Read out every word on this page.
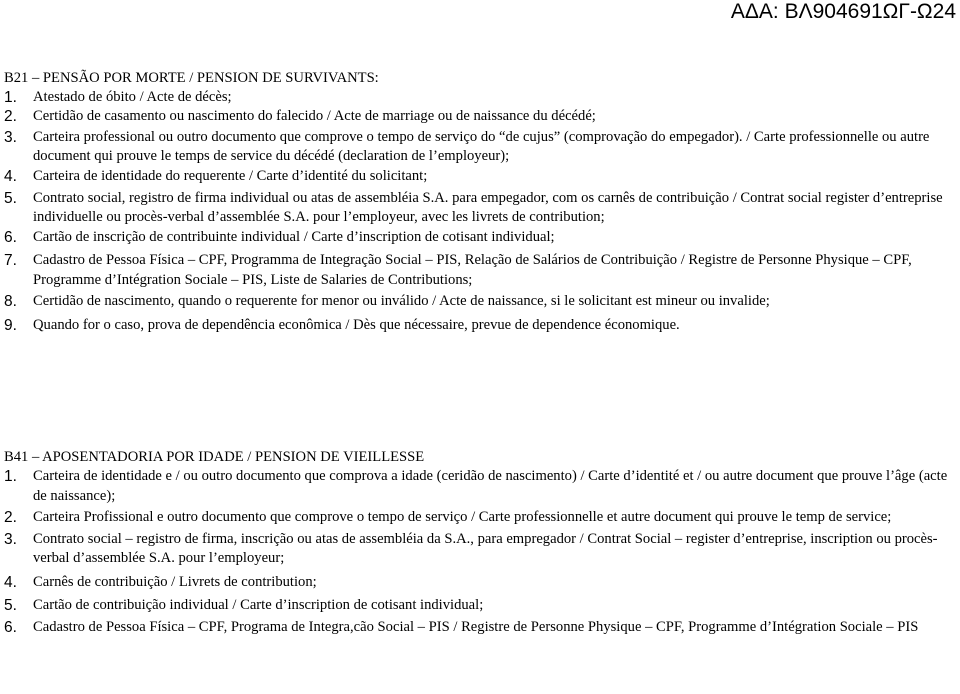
ΑΔΑ: ΒΛ904691ΩΓ-Ω24
B21 – PENSÃO POR MORTE / PENSION DE SURVIVANTS:
1. Atestado de óbito / Acte de décès;
2. Certidão de casamento ou nascimento do falecido / Acte de marriage ou de naissance du décédé;
3. Carteira professional ou outro documento que comprove o tempo de serviço do “de cujus” (comprovação do empegador). / Carte professionnelle ou autre document qui prouve le temps de service du décédé (declaration de l’employeur);
4. Carteira de identidade do requerente / Carte d’identité du solicitant;
5. Contrato social, registro de firma individual ou atas de assembléia S.A. para empegador, com os carnês de contribuição / Contrat social register d’entreprise individuelle ou procès-verbal d’assemblée S.A. pour l’employeur, avec les livrets de contribution;
6. Cartão de inscrição de contribuinte individual / Carte d’inscription de cotisant individual;
7. Cadastro de Pessoa Física – CPF, Programma de Integração Social – PIS, Relação de Salários de Contribuição / Registre de Personne Physique – CPF, Programme d’Intégration Sociale – PIS, Liste de Salaries de Contributions;
8. Certidão de nascimento, quando o requerente for menor ou inválido / Acte de naissance, si le solicitant est mineur ou invalide;
9. Quando for o caso, prova de dependência econômica / Dès que nécessaire, prevue de dependence économique.
B41 – APOSENTADORIA POR IDADE / PENSION DE VIEILLESSE
1. Carteira de identidade e / ou outro documento que comprova a idade (ceridão de nascimento) / Carte d’identité et / ou autre document que prouve l’âge (acte de naissance);
2. Carteira Profissional e outro documento que comprove o tempo de serviço / Carte professionnelle et autre document qui prouve le temp de service;
3. Contrato social – registro de firma, inscrição ou atas de assembléia da S.A., para empregador / Contrat Social – register d’entreprise, inscription ou procès-verbal d’assemblée S.A. pour l’employeur;
4. Carnês de contribuição / Livrets de contribution;
5. Cartão de contribuição individual / Carte d’inscription de cotisant individual;
6. Cadastro de Pessoa Física – CPF, Programa de Integra,cão Social – PIS / Registre de Personne Physique – CPF, Programme d’Intégration Sociale – PIS
